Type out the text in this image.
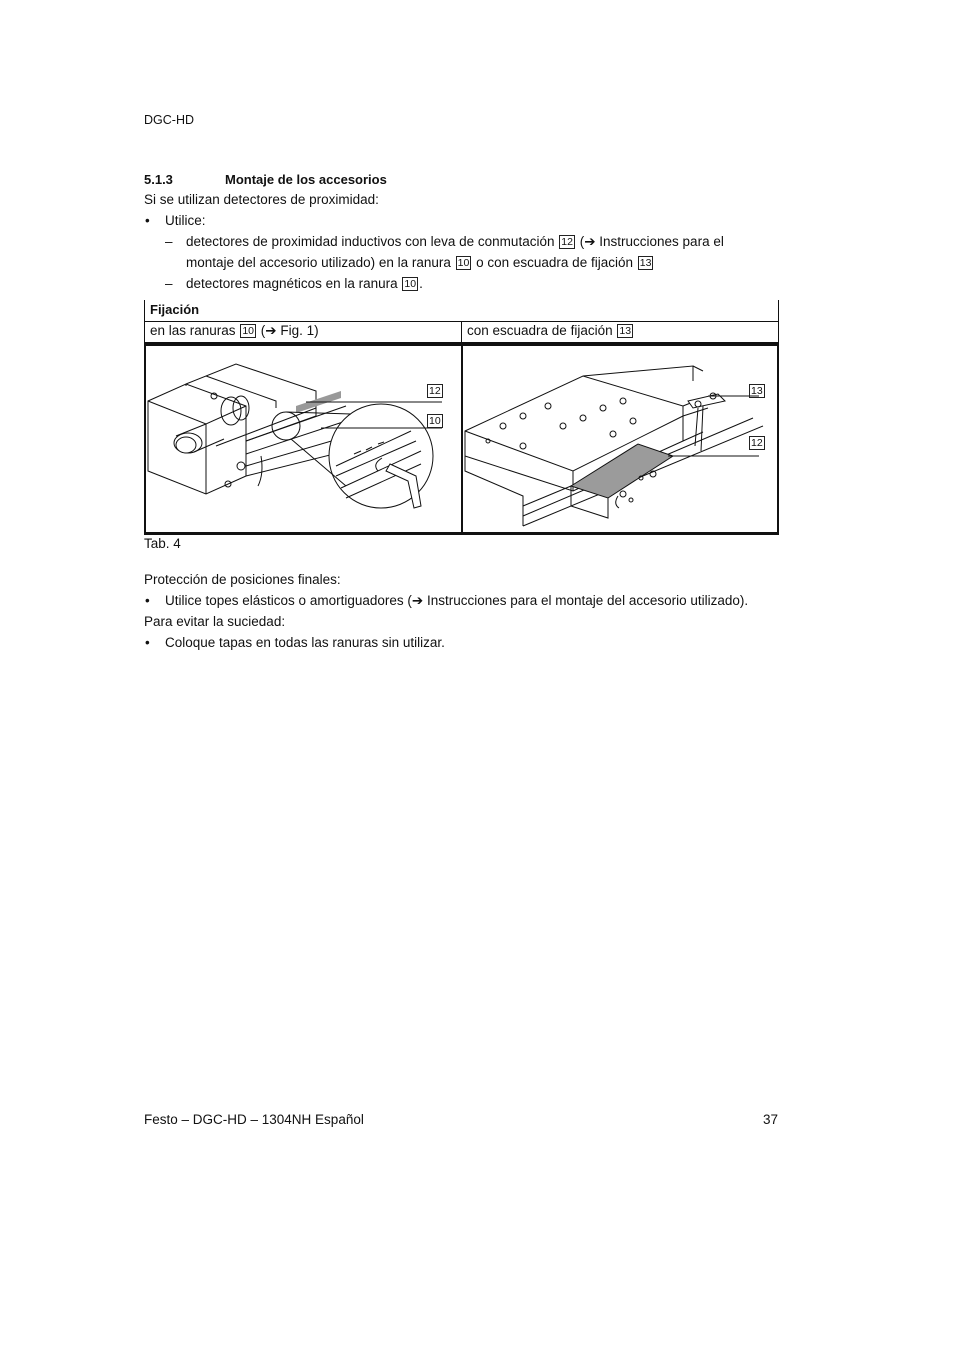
DGC-HD
5.1.3	Montaje de los accesorios
Si se utilizan detectores de proximidad:
• Utilice:
– detectores de proximidad inductivos con leva de conmutación 12 (➔ Instrucciones para el
montaje del accesorio utilizado) en la ranura 10 o con escuadra de fijación 13
– detectores magnéticos en la ranura 10 .
Fijación
en las ranuras 10 (➔ Fig. 1)	con escuadra de fijación 13
12
10
13
12
Tab. 4
Protección de posiciones finales:
• Utilice topes elásticos o amortiguadores (➔ Instrucciones para el montaje del accesorio utilizado).
Para evitar la suciedad:
• Coloque tapas en todas las ranuras sin utilizar.
Festo – DGC-HD – 1304NH Español	37
